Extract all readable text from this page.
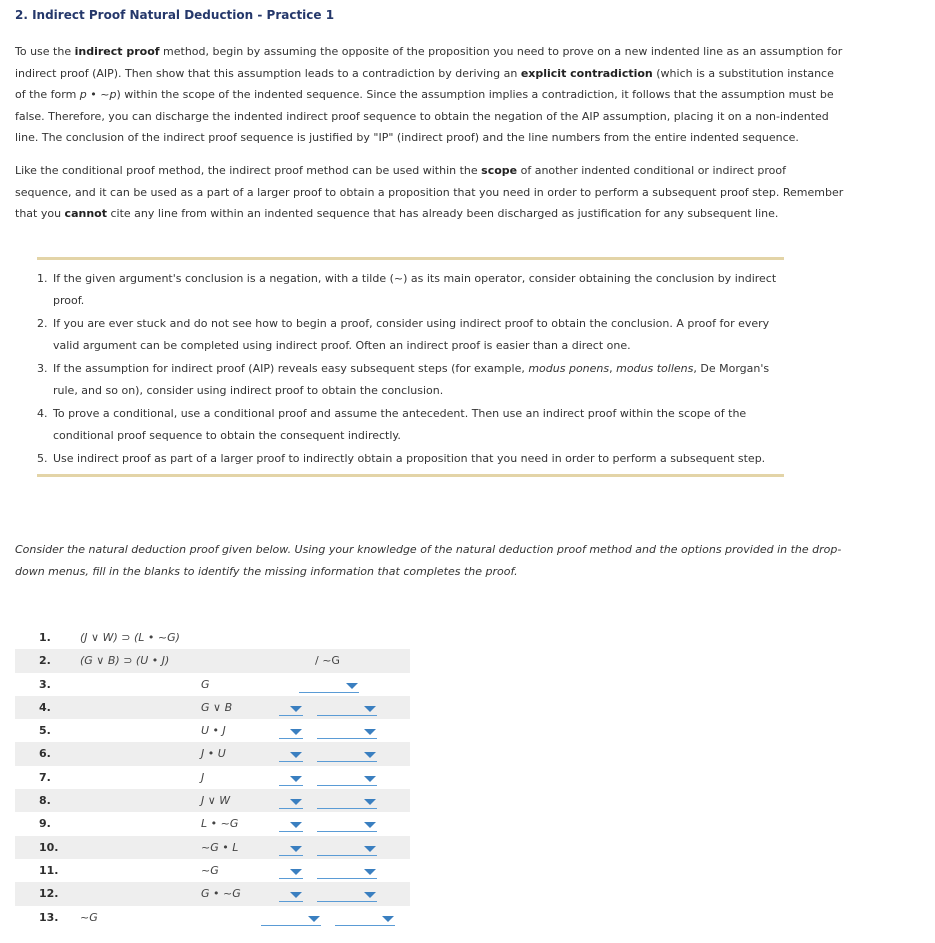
2. Indirect Proof Natural Deduction - Practice 1
To use the indirect proof method, begin by assuming the opposite of the proposition you need to prove on a new indented line as an assumption for indirect proof (AIP). Then show that this assumption leads to a contradiction by deriving an explicit contradiction (which is a substitution instance of the form p • ~p) within the scope of the indented sequence. Since the assumption implies a contradiction, it follows that the assumption must be false. Therefore, you can discharge the indented indirect proof sequence to obtain the negation of the AIP assumption, placing it on a non-indented line. The conclusion of the indirect proof sequence is justified by "IP" (indirect proof) and the line numbers from the entire indented sequence.
Like the conditional proof method, the indirect proof method can be used within the scope of another indented conditional or indirect proof sequence, and it can be used as a part of a larger proof to obtain a proposition that you need in order to perform a subsequent proof step. Remember that you cannot cite any line from within an indented sequence that has already been discharged as justification for any subsequent line.
1. If the given argument's conclusion is a negation, with a tilde (~) as its main operator, consider obtaining the conclusion by indirect proof.
2. If you are ever stuck and do not see how to begin a proof, consider using indirect proof to obtain the conclusion. A proof for every valid argument can be completed using indirect proof. Often an indirect proof is easier than a direct one.
3. If the assumption for indirect proof (AIP) reveals easy subsequent steps (for example, modus ponens, modus tollens, De Morgan's rule, and so on), consider using indirect proof to obtain the conclusion.
4. To prove a conditional, use a conditional proof and assume the antecedent. Then use an indirect proof within the scope of the conditional proof sequence to obtain the consequent indirectly.
5. Use indirect proof as part of a larger proof to indirectly obtain a proposition that you need in order to perform a subsequent step.
Consider the natural deduction proof given below. Using your knowledge of the natural deduction proof method and the options provided in the drop-down menus, fill in the blanks to identify the missing information that completes the proof.
1.	(J ∨ W) ⊃ (L • ~G)
2.	(G ∨ B) ⊃ (U • J)	/ ~G
3.	G
4.	G ∨ B
5.	U • J
6.	J • U
7.	J
8.	J ∨ W
9.	L • ~G
10.	~G • L
11.	~G
12.	G • ~G
13. ~G
